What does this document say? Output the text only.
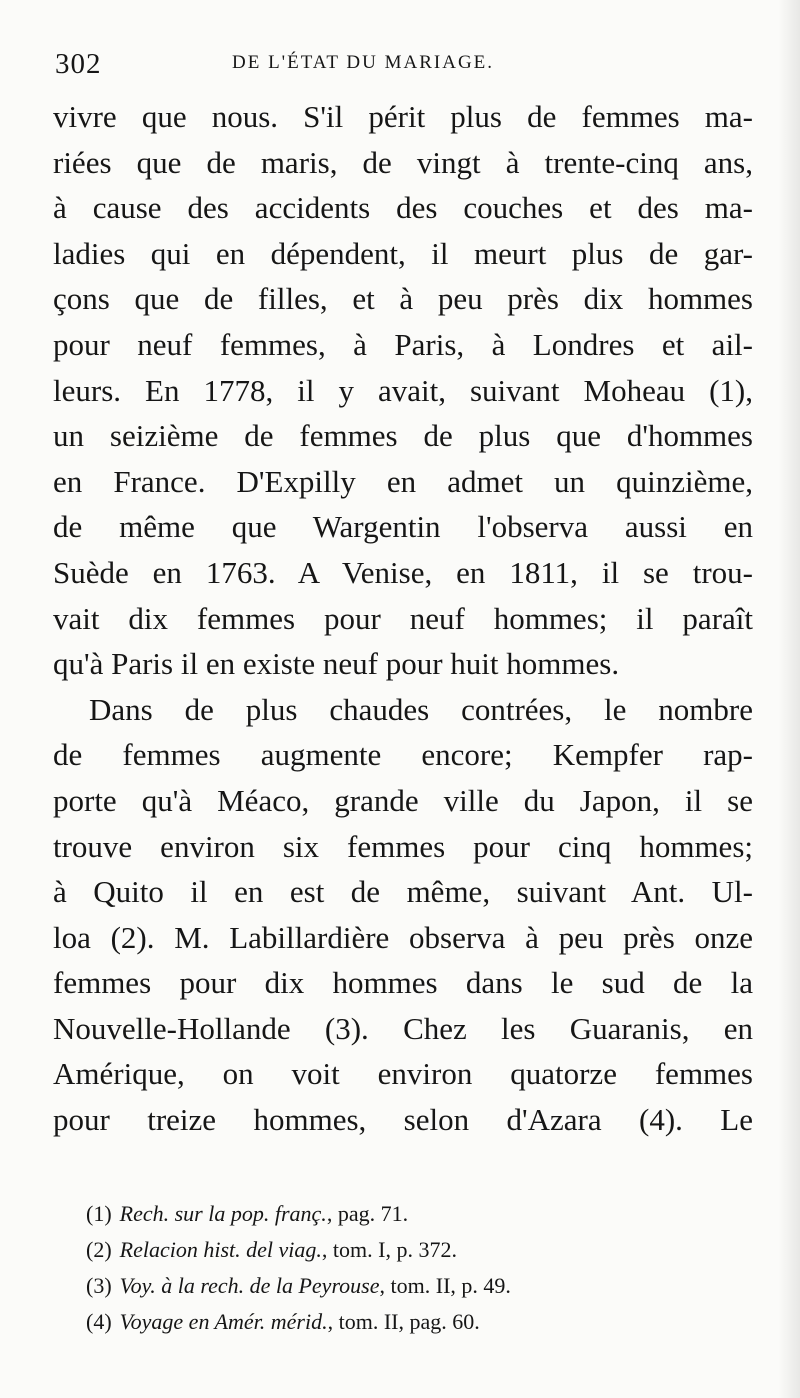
302	DE L'ÉTAT DU MARIAGE.
vivre que nous. S'il périt plus de femmes ma-
riées que de maris, de vingt à trente-cinq ans,
à cause des accidents des couches et des ma-
ladies qui en dépendent, il meurt plus de gar-
çons que de filles, et à peu près dix hommes
pour neuf femmes, à Paris, à Londres et ail-
leurs. En 1778, il y avait, suivant Moheau (1),
un seizième de femmes de plus que d'hommes
en France. D'Expilly en admet un quinzième,
de même que Wargentin l'observa aussi en
Suède en 1763. A Venise, en 1811, il se trou-
vait dix femmes pour neuf hommes; il paraît
qu'à Paris il en existe neuf pour huit hommes.
Dans de plus chaudes contrées, le nombre
de femmes augmente encore; Kempfer rap-
porte qu'à Méaco, grande ville du Japon, il se
trouve environ six femmes pour cinq hommes;
à Quito il en est de même, suivant Ant. Ul-
loa (2). M. Labillardière observa à peu près onze
femmes pour dix hommes dans le sud de la
Nouvelle-Hollande (3). Chez les Guaranis, en
Amérique, on voit environ quatorze femmes
pour treize hommes, selon d'Azara (4). Le
(1) Rech. sur la pop. franç., pag. 71.
(2) Relacion hist. del viag., tom. I, p. 372.
(3) Voy. à la rech. de la Peyrouse, tom. II, p. 49.
(4) Voyage en Amér. mérid., tom. II, pag. 60.
